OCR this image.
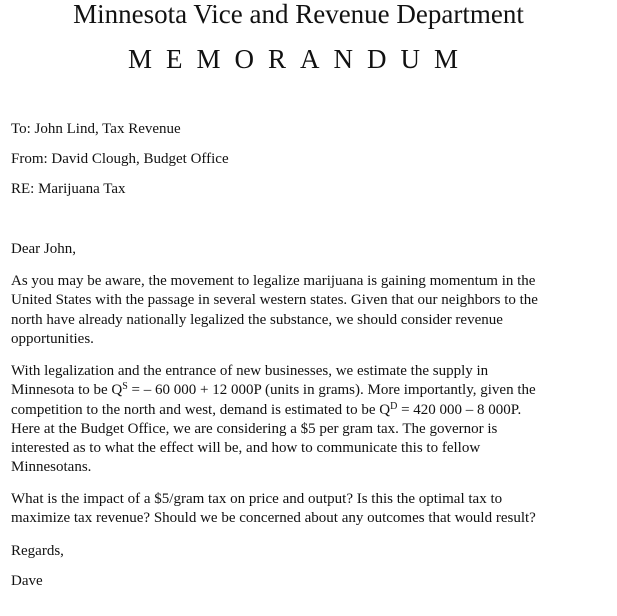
Minnesota Vice and Revenue Department
MEMORANDUM
To: John Lind, Tax Revenue
From: David Clough, Budget Office
RE: Marijuana Tax
Dear John,
As you may be aware, the movement to legalize marijuana is gaining momentum in the
United States with the passage in several western states. Given that our neighbors to the
north have already nationally legalized the substance, we should consider revenue
opportunities.
With legalization and the entrance of new businesses, we estimate the supply in
Minnesota to be $Q^S$ = – 60 000 + 12 000P (units in grams). More importantly, given the
competition to the north and west, demand is estimated to be $Q^D = 420$ 000 – 8 000P.
Here at the Budget Office, we are considering a $5 per gram tax. The governor is
interested as to what the effect will be, and how to communicate this to fellow
Minnesotans.
What is the impact of a $5/gram tax on price and output? Is this the optimal tax to
maximize tax revenue? Should we be concerned about any outcomes that would result?
Regards,
Dave
